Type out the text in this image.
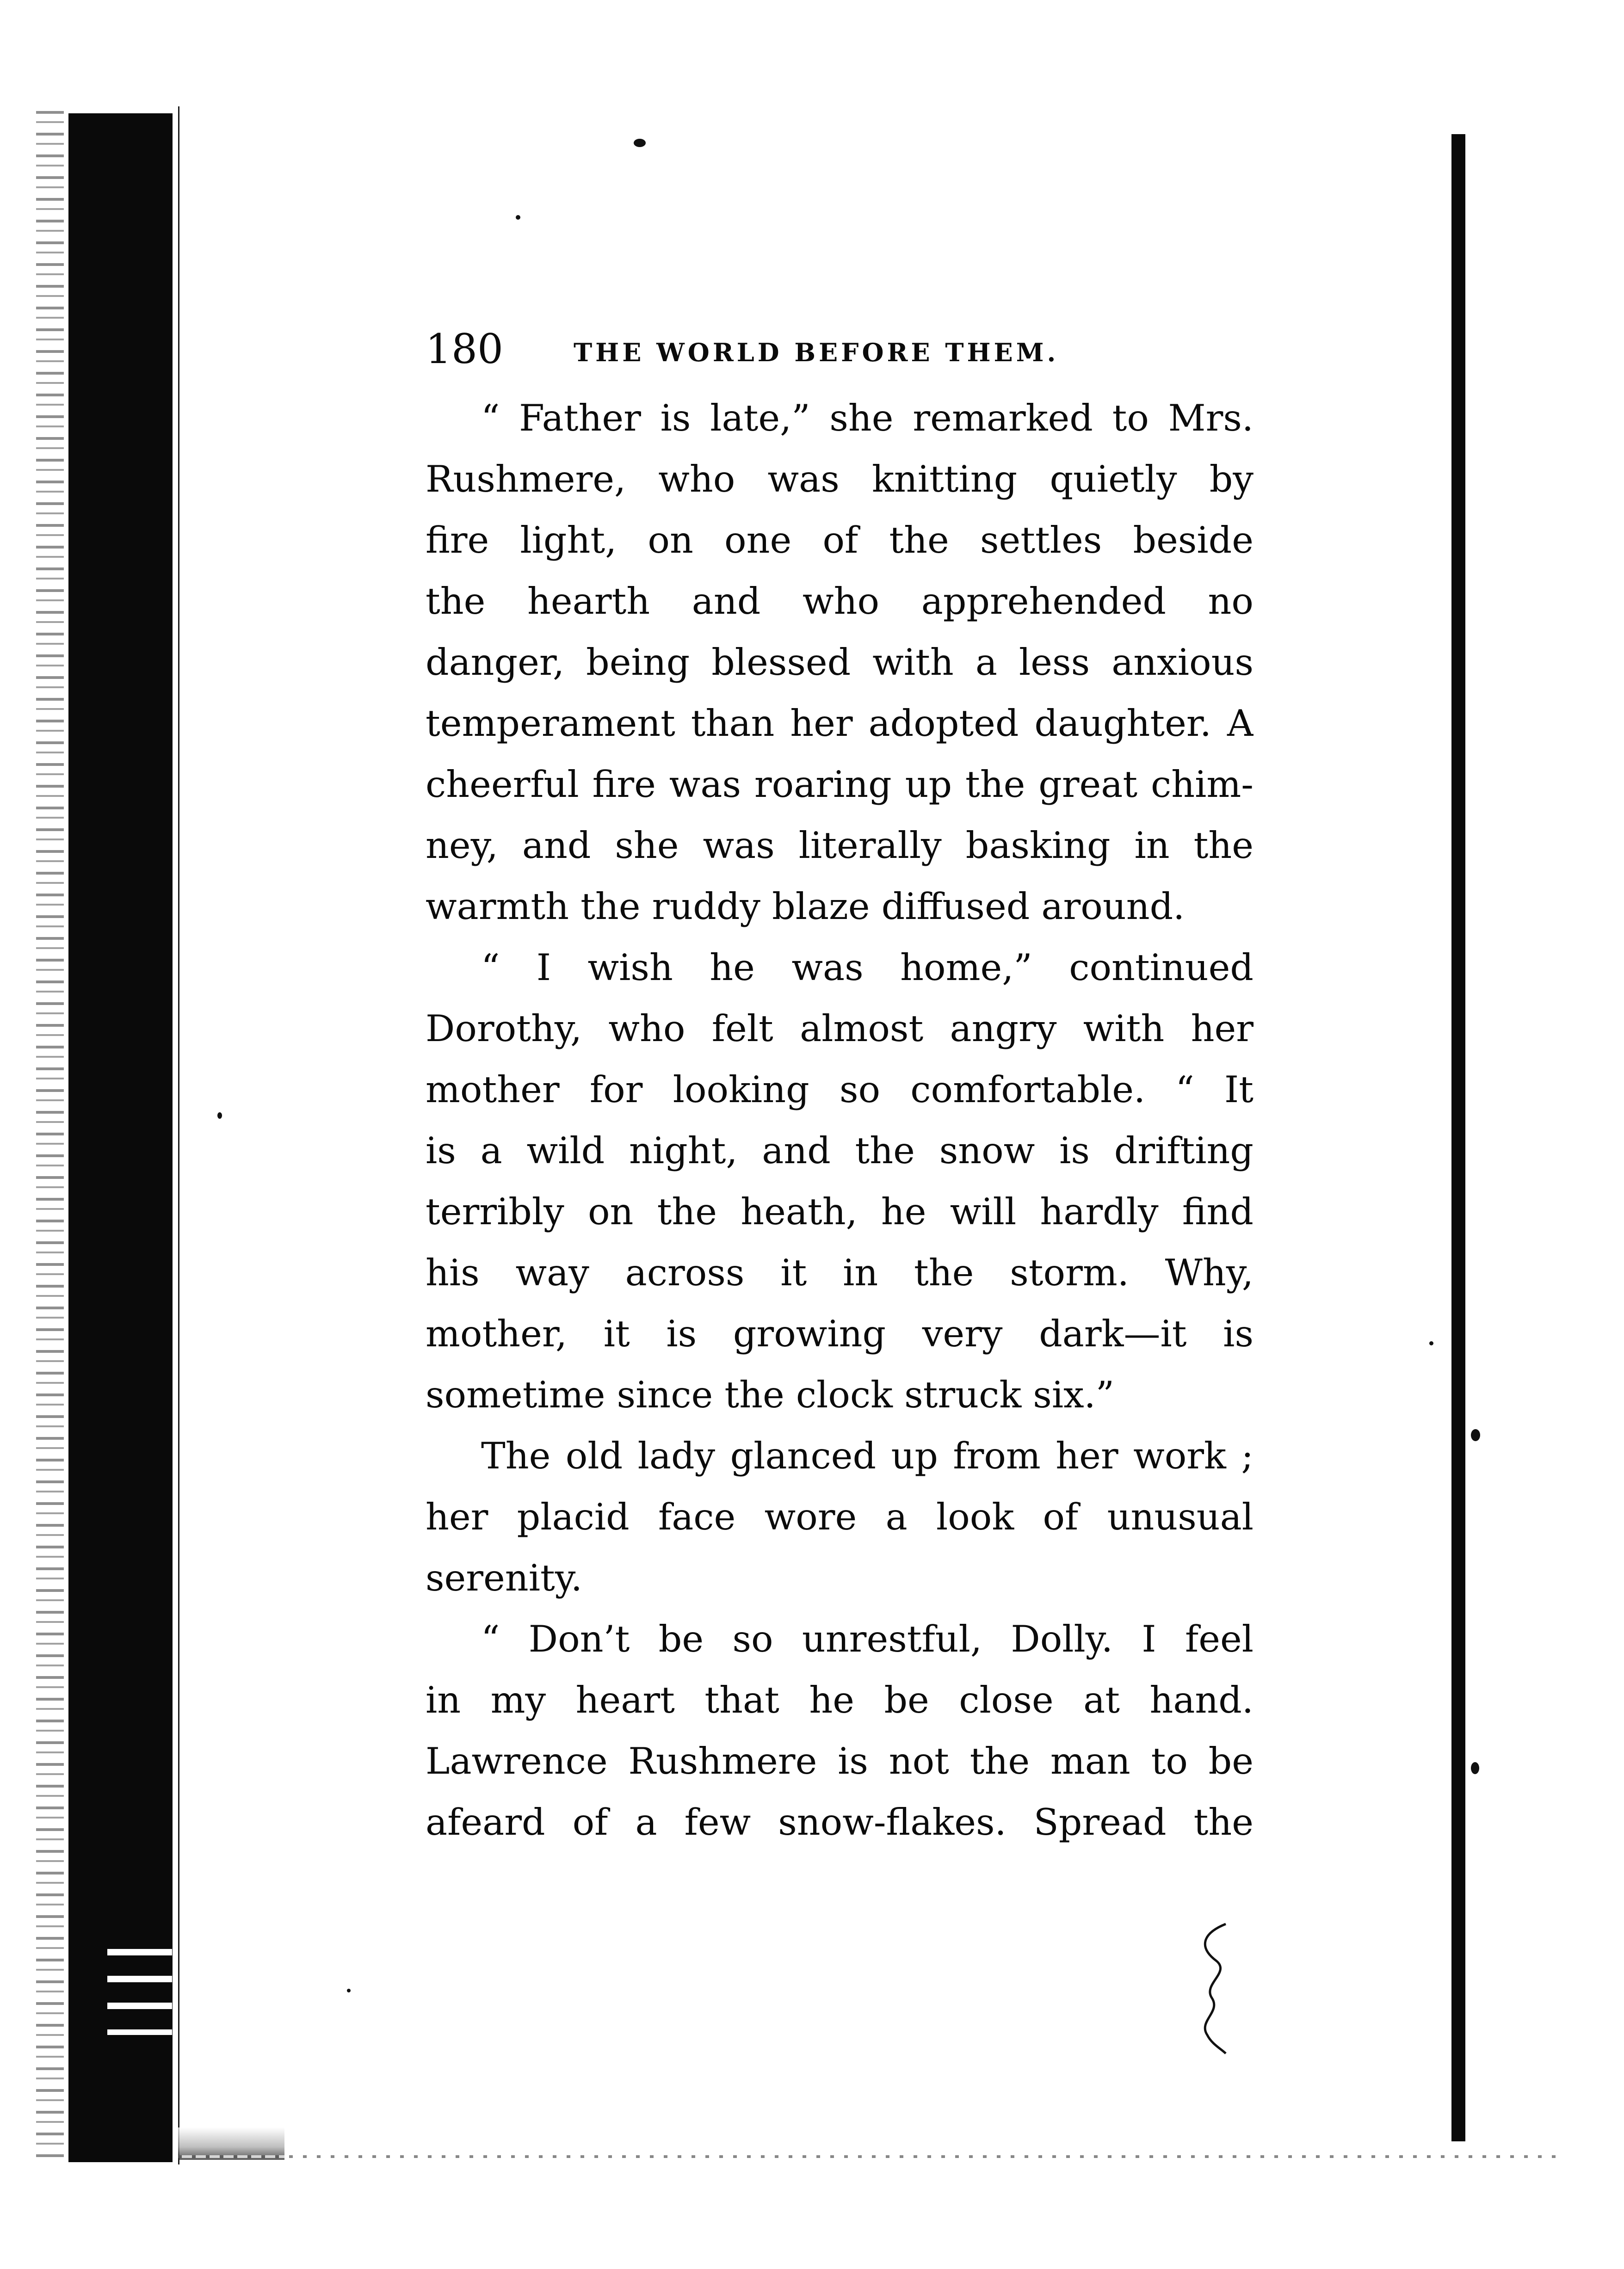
180	THE WORLD BEFORE THEM.
“ Father is late,” she remarked to Mrs.
Rushmere, who was knitting quietly by
fire light, on one of the settles beside
the hearth and who apprehended no
danger, being blessed with a less anxious
temperament than her adopted daughter. A
cheerful fire was roaring up the great chim-
ney, and she was literally basking in the
warmth the ruddy blaze diffused around.
“ I wish he was home,” continued
Dorothy, who felt almost angry with her
mother for looking so comfortable. “ It
is a wild night, and the snow is drifting
terribly on the heath, he will hardly find
his way across it in the storm. Why,
mother, it is growing very dark—it is
sometime since the clock struck six.”
The old lady glanced up from her work ;
her placid face wore a look of unusual
serenity.
“ Don’t be so unrestful, Dolly. I feel
in my heart that he be close at hand.
Lawrence Rushmere is not the man to be
afeard of a few snow-flakes. Spread the
